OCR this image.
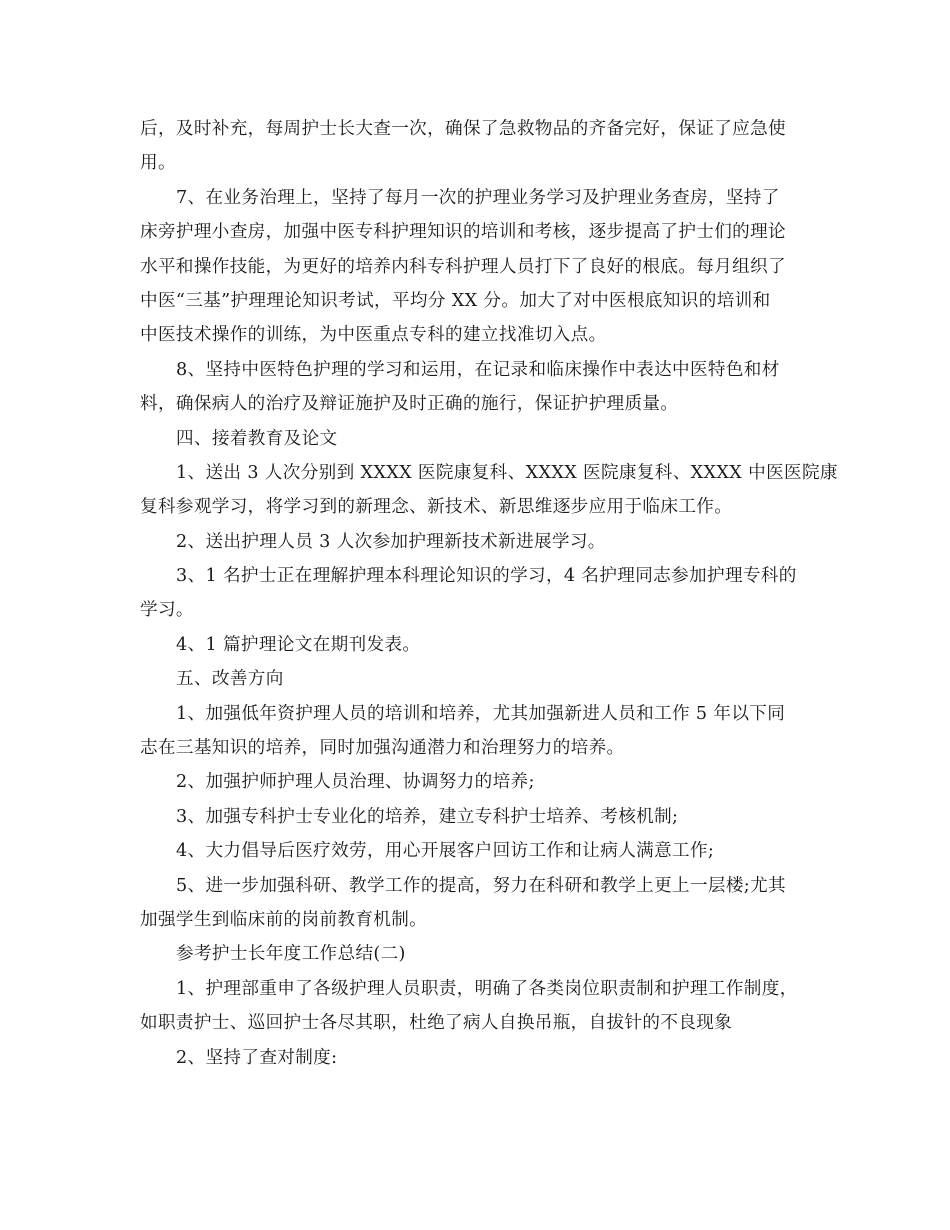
后，及时补充，每周护士长大查一次，确保了急救物品的齐备完好，保证了应急使
用。
7、在业务治理上，坚持了每月一次的护理业务学习及护理业务查房，坚持了
床旁护理小查房，加强中医专科护理知识的培训和考核，逐步提高了护士们的理论
水平和操作技能，为更好的培养内科专科护理人员打下了良好的根底。每月组织了
中医“三基”护理理论知识考试，平均分 XX 分。加大了对中医根底知识的培训和
中医技术操作的训练，为中医重点专科的建立找准切入点。
8、坚持中医特色护理的学习和运用，在记录和临床操作中表达中医特色和材
料，确保病人的治疗及辩证施护及时正确的施行，保证护护理质量。
四、接着教育及论文
1、送出 3 人次分别到 XXXX 医院康复科、XXXX 医院康复科、XXXX 中医医院康
复科参观学习，将学习到的新理念、新技术、新思维逐步应用于临床工作。
2、送出护理人员 3 人次参加护理新技术新进展学习。
3、1 名护士正在理解护理本科理论知识的学习，4 名护理同志参加护理专科的
学习。
4、1 篇护理论文在期刊发表。
五、改善方向
1、加强低年资护理人员的培训和培养，尤其加强新进人员和工作 5 年以下同
志在三基知识的培养，同时加强沟通潜力和治理努力的培养。
2、加强护师护理人员治理、协调努力的培养;
3、加强专科护士专业化的培养，建立专科护士培养、考核机制;
4、大力倡导后医疗效劳，用心开展客户回访工作和让病人满意工作;
5、进一步加强科研、教学工作的提高，努力在科研和教学上更上一层楼;尤其
加强学生到临床前的岗前教育机制。
参考护士长年度工作总结(二)
1、护理部重申了各级护理人员职责，明确了各类岗位职责制和护理工作制度，
如职责护士、巡回护士各尽其职，杜绝了病人自换吊瓶，自拔针的不良现象
2、坚持了查对制度:
